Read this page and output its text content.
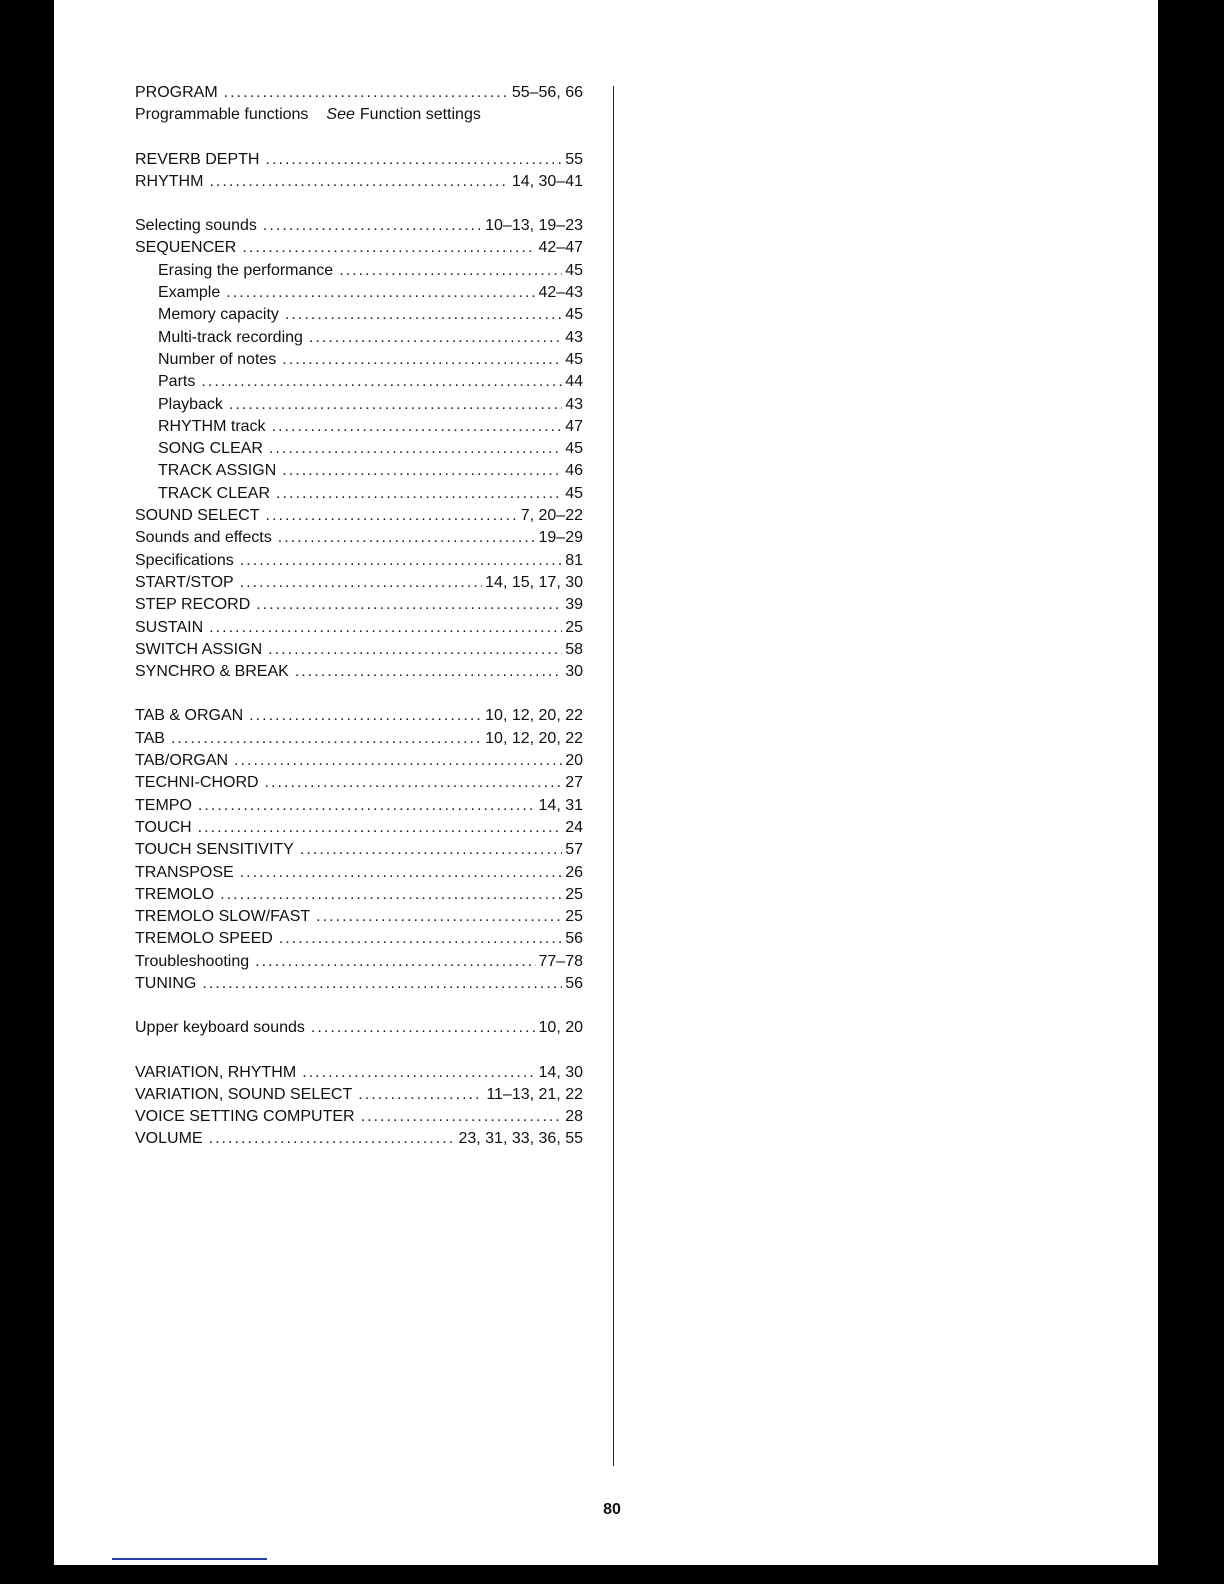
PROGRAM . . .	55–56, 66
Programmable functions See Function settings
REVERB DEPTH . . .	55
RHYTHM . . .	14, 30–41
Selecting sounds . . .	10–13, 19–23
SEQUENCER . . .	42–47
Erasing the performance . . .	45
Example . . .	42–43
Memory capacity . . .	45
Multi-track recording . . .	43
Number of notes . . .	45
Parts . . .	44
Playback . . .	43
RHYTHM track . . .	47
SONG CLEAR . . .	45
TRACK ASSIGN . . .	46
TRACK CLEAR . . .	45
SOUND SELECT . . .	7, 20–22
Sounds and effects . . .	19–29
Specifications . . .	81
START/STOP . . .	14, 15, 17, 30
STEP RECORD . . .	39
SUSTAIN . . .	25
SWITCH ASSIGN . . .	58
SYNCHRO & BREAK . . .	30
TAB & ORGAN . . .	10, 12, 20, 22
TAB . . .	10, 12, 20, 22
TAB/ORGAN . . .	20
TECHNI-CHORD . . .	27
TEMPO . . .	14, 31
TOUCH . . .	24
TOUCH SENSITIVITY . . .	57
TRANSPOSE . . .	26
TREMOLO . . .	25
TREMOLO SLOW/FAST . . .	25
TREMOLO SPEED . . .	56
Troubleshooting . . .	77–78
TUNING . . .	56
Upper keyboard sounds . . .	10, 20
VARIATION, RHYTHM . . .	14, 30
VARIATION, SOUND SELECT . . .	11–13, 21, 22
VOICE SETTING COMPUTER . . .	28
VOLUME . . .	23, 31, 33, 36, 55
80
